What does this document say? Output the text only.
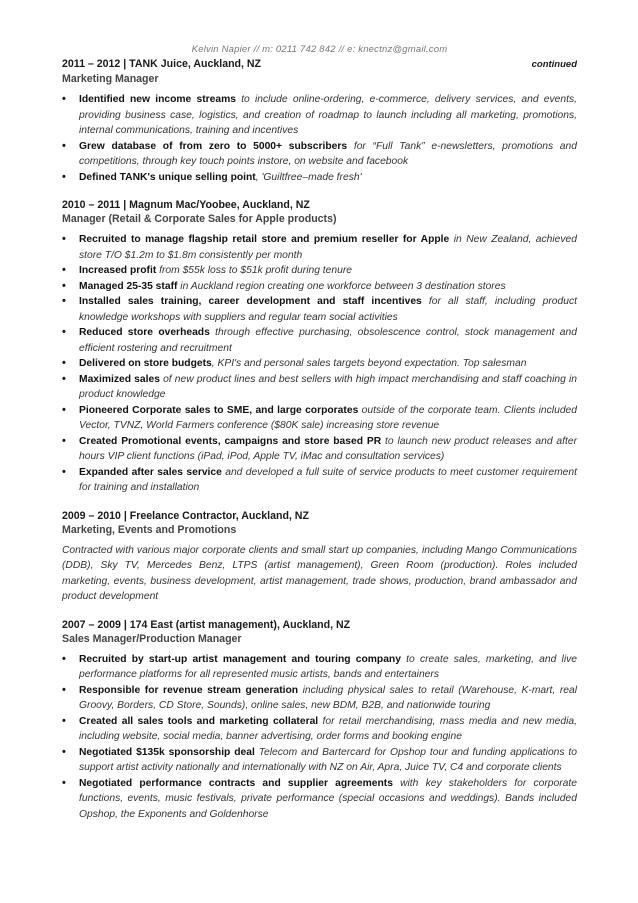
Kelvin Napier // m: 0211 742 842 // e: knectnz@gmail.com
2011 – 2012 | TANK Juice, Auckland, NZ	continued
Marketing Manager
• Identified new income streams to include online-ordering, e-commerce, delivery services, and events, providing business case, logistics, and creation of roadmap to launch including all marketing, promotions, internal communications, training and incentives
• Grew database of from zero to 5000+ subscribers for “Full Tank” e-newsletters, promotions and competitions, through key touch points instore, on website and facebook
• Defined TANK's unique selling point, 'Guiltfree–made fresh'
2010 – 2011 | Magnum Mac/Yoobee, Auckland, NZ
Manager (Retail & Corporate Sales for Apple products)
• Recruited to manage flagship retail store and premium reseller for Apple in New Zealand, achieved store T/O $1.2m to $1.8m consistently per month
• Increased profit from $55k loss to $51k profit during tenure
• Managed 25-35 staff in Auckland region creating one workforce between 3 destination stores
• Installed sales training, career development and staff incentives for all staff, including product knowledge workshops with suppliers and regular team social activities
• Reduced store overheads through effective purchasing, obsolescence control, stock management and efficient rostering and recruitment
• Delivered on store budgets, KPI's and personal sales targets beyond expectation. Top salesman
• Maximized sales of new product lines and best sellers with high impact merchandising and staff coaching in product knowledge
• Pioneered Corporate sales to SME, and large corporates outside of the corporate team. Clients included Vector, TVNZ, World Farmers conference ($80K sale) increasing store revenue
• Created Promotional events, campaigns and store based PR to launch new product releases and after hours VIP client functions (iPad, iPod, Apple TV, iMac and consultation services)
• Expanded after sales service and developed a full suite of service products to meet customer requirement for training and installation
2009 – 2010 | Freelance Contractor, Auckland, NZ
Marketing, Events and Promotions
Contracted with various major corporate clients and small start up companies, including Mango Communications (DDB), Sky TV, Mercedes Benz, LTPS (artist management), Green Room (production). Roles included marketing, events, business development, artist management, trade shows, production, brand ambassador and product development
2007 – 2009 | 174 East (artist management), Auckland, NZ
Sales Manager/Production Manager
• Recruited by start-up artist management and touring company to create sales, marketing, and live performance platforms for all represented music artists, bands and entertainers
• Responsible for revenue stream generation including physical sales to retail (Warehouse, K-mart, real Groovy, Borders, CD Store, Sounds), online sales, new BDM, B2B, and nationwide touring
• Created all sales tools and marketing collateral for retail merchandising, mass media and new media, including website, social media, banner advertising, order forms and booking engine
• Negotiated $135k sponsorship deal Telecom and Bartercard for Opshop tour and funding applications to support artist activity nationally and internationally with NZ on Air, Apra, Juice TV, C4 and corporate clients
• Negotiated performance contracts and supplier agreements with key stakeholders for corporate functions, events, music festivals, private performance (special occasions and weddings). Bands included Opshop, the Exponents and Goldenhorse
